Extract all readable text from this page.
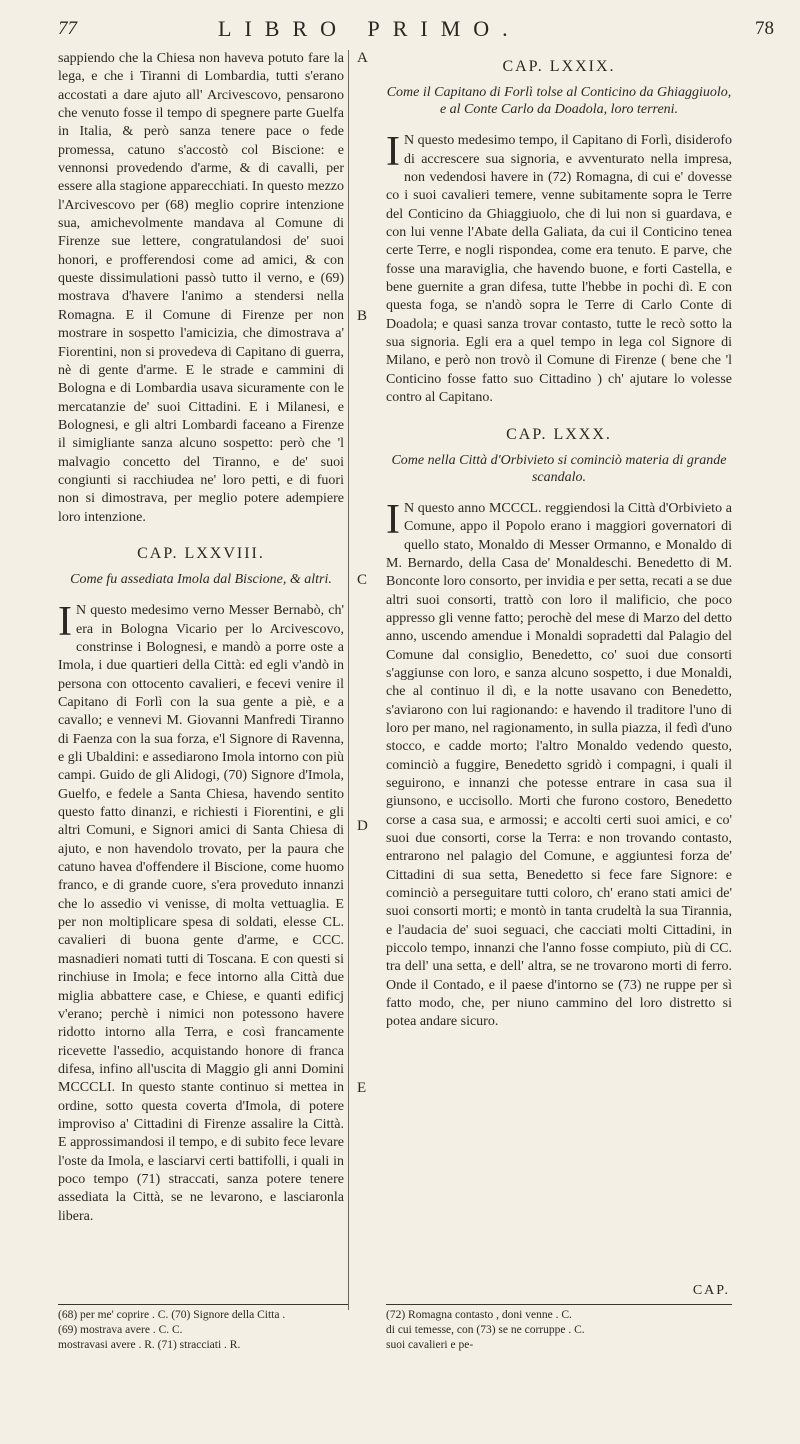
77	LIBRO PRIMO.	78

sappiendo che la Chiesa non haveva potuto fare la lega, e che i Tiranni di Lombardia, tutti s'erano accostati a dare ajuto all' Arcivescovo, pensarono che venuto fosse il tempo di spegnere parte Guelfa in Italia, & però sanza tenere pace o fede promessa, catuno s'accostò col Biscione: e vennonsi provedendo d'arme, & di cavalli, per essere alla stagione apparecchiati. In questo mezzo l'Arcivescovo per (68) meglio coprire intenzione sua, amichevolmente mandava al Comune di Firenze sue lettere, congratulandosi de' suoi honori, e profferendosi come ad amici, & con queste dissimulationi passò tutto il verno, e (69) mostrava d'havere l'animo a stendersi nella Romagna. E il Comune di Firenze per non mostrare in sospetto l'amicizia, che dimostrava a' Fiorentini, non si provedeva di Capitano di guerra, nè di gente d'arme. E le strade e cammini di Bologna e di Lombardia usava sicuramente con le mercatanzie de' suoi Cittadini. E i Milanesi, e Bolognesi, e gli altri Lombardi faceano a Firenze il simigliante sanza alcuno sospetto: però che 'l malvagio concetto del Tiranno, e de' suoi congiunti si racchiudea ne' loro petti, e di fuori non si dimostrava, per meglio potere adempiere loro intenzione.

CAP. LXXVIII.
Come fu assediata Imola dal Biscione, & altri.

I N questo medesimo verno Messer Bernabò, ch' era in Bologna Vicario per lo Arcivescovo, constrinse i Bolognesi, e mandò a porre oste a Imola, i due quartieri della Città: ed egli v'andò in persona con ottocento cavalieri, e fecevi venire il Capitano di Forlì con la sua gente a piè, e a cavallo; e vennevi M. Giovanni Manfredi Tiranno di Faenza con la sua forza, e'l Signore di Ravenna, e gli Ubaldini: e assediarono Imola intorno con più campi. Guido de gli Alidogi, (70) Signore d'Imola, Guelfo, e fedele a Santa Chiesa, havendo sentito questo fatto dinanzi, e richiesti i Fiorentini, e gli altri Comuni, e Signori amici di Santa Chiesa di ajuto, e non havendolo trovato, per la paura che catuno havea d'offendere il Biscione, come huomo franco, e di grande cuore, s'era proveduto innanzi che lo assedio vi venisse, di molta vettuaglia. E per non moltiplicare spesa di soldati, elesse CL. cavalieri di buona gente d'arme, e CCC. masnadieri nomati tutti di Toscana. E con questi si rinchiuse in Imola; e fece intorno alla Città due miglia abbattere case, e Chiese, e quanti edificj v'erano; perchè i nimici non potessono havere ridotto intorno alla Terra, e così francamente ricevette l'assedio, acquistando honore di franca difesa, infino all'uscita di Maggio gli anni Domini MCCCLI. In questo stante continuo si mettea in ordine, sotto questa coverta d'Imola, di potere improviso a' Cittadini di Firenze assalire la Città. E approssimandosi il tempo, e di subito fece levare l'oste da Imola, e lasciarvi certi battifolli, i quali in poco tempo (71) straccati, sanza potere tenere assediata la Città, se ne levarono, e lasciaronla libera.

A
B
C
D
E
CAP. LXXIX.
Come il Capitano di Forlì tolse al Conticino da Ghiaggiuolo, e al Conte Carlo da Doadola, loro terreni.

I N questo medesimo tempo, il Capitano di Forlì, disiderofo di accrescere sua signoria, e avventurato nella impresa, non vedendosi havere in (72) Romagna, di cui e' dovesse co i suoi cavalieri temere, venne subitamente sopra le Terre del Conticino da Ghiaggiuolo, che di lui non si guardava, e con lui venne l'Abate della Galiata, da cui il Conticino tenea certe Terre, e nogli rispondea, come era tenuto. E parve, che fosse una maraviglia, che havendo buone, e forti Castella, e bene guernite a gran difesa, tutte l'hebbe in pochi dì. E con questa foga, se n'andò sopra le Terre di Carlo Conte di Doadola; e quasi sanza trovar contasto, tutte le recò sotto la sua signoria. Egli era a quel tempo in lega col Signore di Milano, e però non trovò il Comune di Firenze ( bene che 'l Conticino fosse fatto suo Cittadino ) ch' ajutare lo volesse contro al Capitano.

CAP. LXXX.
Come nella Città d'Orbivieto si cominciò materia di grande scandalo.

I N questo anno MCCCL. reggiendosi la Città d'Orbivieto a Comune, appo il Popolo erano i maggiori governatori di quello stato, Monaldo di Messer Ormanno, e Monaldo di M. Bernardo, della Casa de' Monaldeschi. Benedetto di M. Bonconte loro consorto, per invidia e per setta, recati a se due altri suoi consorti, trattò con loro il malificio, che poco appresso gli venne fatto; perochè del mese di Marzo del detto anno, uscendo amendue i Monaldi sopradetti dal Palagio del Comune dal consiglio, Benedetto, co' suoi due consorti s'aggiunse con loro, e sanza alcuno sospetto, i due Monaldi, che al continuo il dì, e la notte usavano con Benedetto, s'aviarono con lui ragionando: e havendo il traditore l'uno di loro per mano, nel ragionamento, in sulla piazza, il fedì d'uno stocco, e cadde morto; l'altro Monaldo vedendo questo, cominciò a fuggire, Benedetto sgridò i compagni, i quali il seguirono, e innanzi che potesse entrare in casa sua il giunsono, e uccisollo. Morti che furono costoro, Benedetto corse a casa sua, e armossi; e accolti certi suoi amici, e co' suoi due consorti, corse la Terra: e non trovando contasto, entrarono nel palagio del Comune, e aggiuntesi forza de' Cittadini di sua setta, Benedetto si fece fare Signore: e cominciò a perseguitare tutti coloro, ch' erano stati amici de' suoi consorti morti; e montò in tanta crudeltà la sua Tirannia, e l'audacia de' suoi seguaci, che cacciati molti Cittadini, in piccolo tempo, innanzi che l'anno fosse compiuto, più di CC. tra dell' una setta, e dell' altra, se ne trovarono morti di ferro. Onde il Contado, e il paese d'intorno se (73) ne ruppe per sì fatto modo, che, per niuno cammino del loro distretto si potea andare sicuro.

CAP.
(68) per me' coprire . C. (70) Signore della Citta .
(69) mostrava avere . C. C.
mostravasi avere . R. (71) stracciati . R.
(72) Romagna contasto , doni venne . C.
di cui temesse, con (73) se ne corruppe . C.
suoi cavalieri e pe-
